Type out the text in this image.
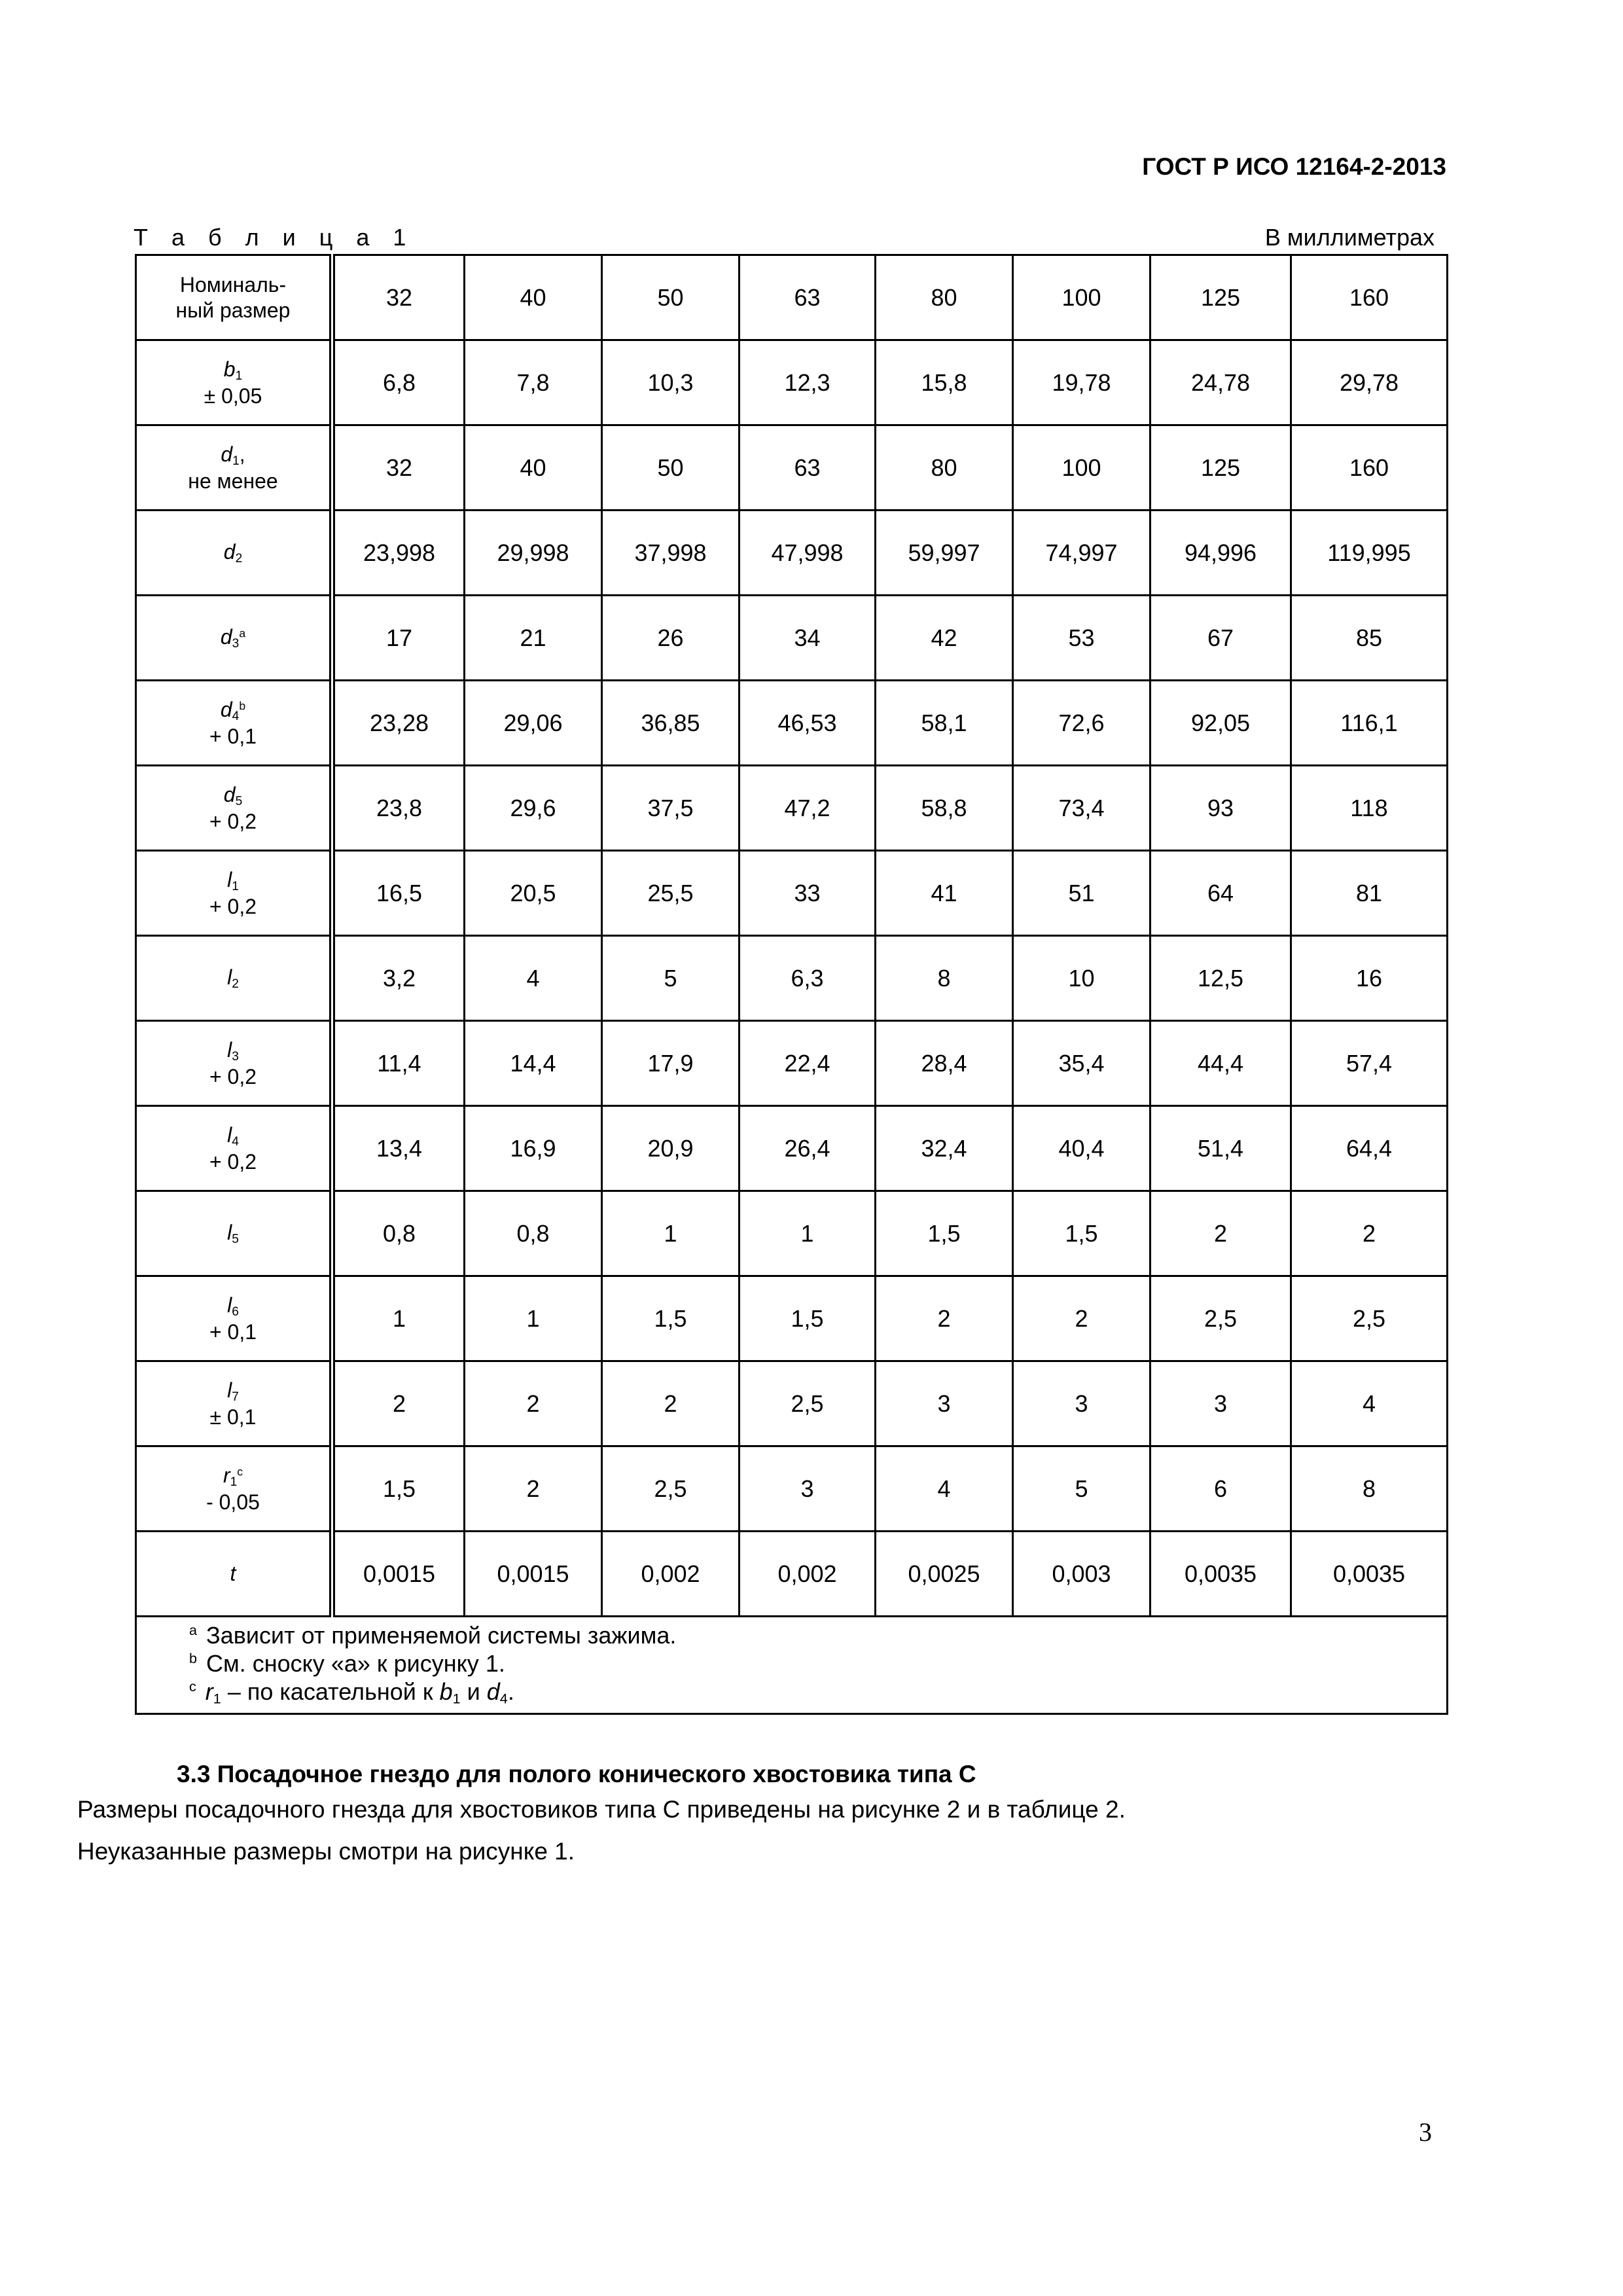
ГОСТ Р ИСО 12164-2-2013
Т а б л и ц а 1	В миллиметрах
Номиналь-
ный размер	32	40	50	63	80	100	125	160
$b_1$
± 0,05	6,8	7,8	10,3	12,3	15,8	19,78	24,78	29,78
$d_1$,
не менее	32	40	50	63	80	100	125	160
$d_2$	23,998	29,998	37,998	47,998	59,997	74,997	94,996	119,995
$d_3^a$	17	21	26	34	42	53	67	85
$d_4^b$
+ 0,1	23,28	29,06	36,85	46,53	58,1	72,6	92,05	116,1
$d_5$
+ 0,2	23,8	29,6	37,5	47,2	58,8	73,4	93	118
$l_1$
+ 0,2	16,5	20,5	25,5	33	41	51	64	81
$l_2$	3,2	4	5	6,3	8	10	12,5	16
$l_3$
+ 0,2	11,4	14,4	17,9	22,4	28,4	35,4	44,4	57,4
$l_4$
+ 0,2	13,4	16,9	20,9	26,4	32,4	40,4	51,4	64,4
$l_5$	0,8	0,8	1	1	1,5	1,5	2	2
$l_6$
+ 0,1	1	1	1,5	1,5	2	2	2,5	2,5
$l_7$
± 0,1	2	2	2	2,5	3	3	3	4
$r_1^c$
- 0,05	1,5	2	2,5	3	4	5	6	8
t	0,0015	0,0015	0,002	0,002	0,0025	0,003	0,0035	0,0035

$^a$ Зависит от применяемой системы зажима.
$^b$ См. сноску «а» к рисунку 1.
$^c$ $r_1$ – по касательной к $b_1$ и $d_4$.								
3.3 Посадочное гнездо для полого конического хвостовика типа С
Размеры посадочного гнезда для хвостовиков типа С приведены на рисунке 2 и в таблице 2.
Неуказанные размеры смотри на рисунке 1.
3
